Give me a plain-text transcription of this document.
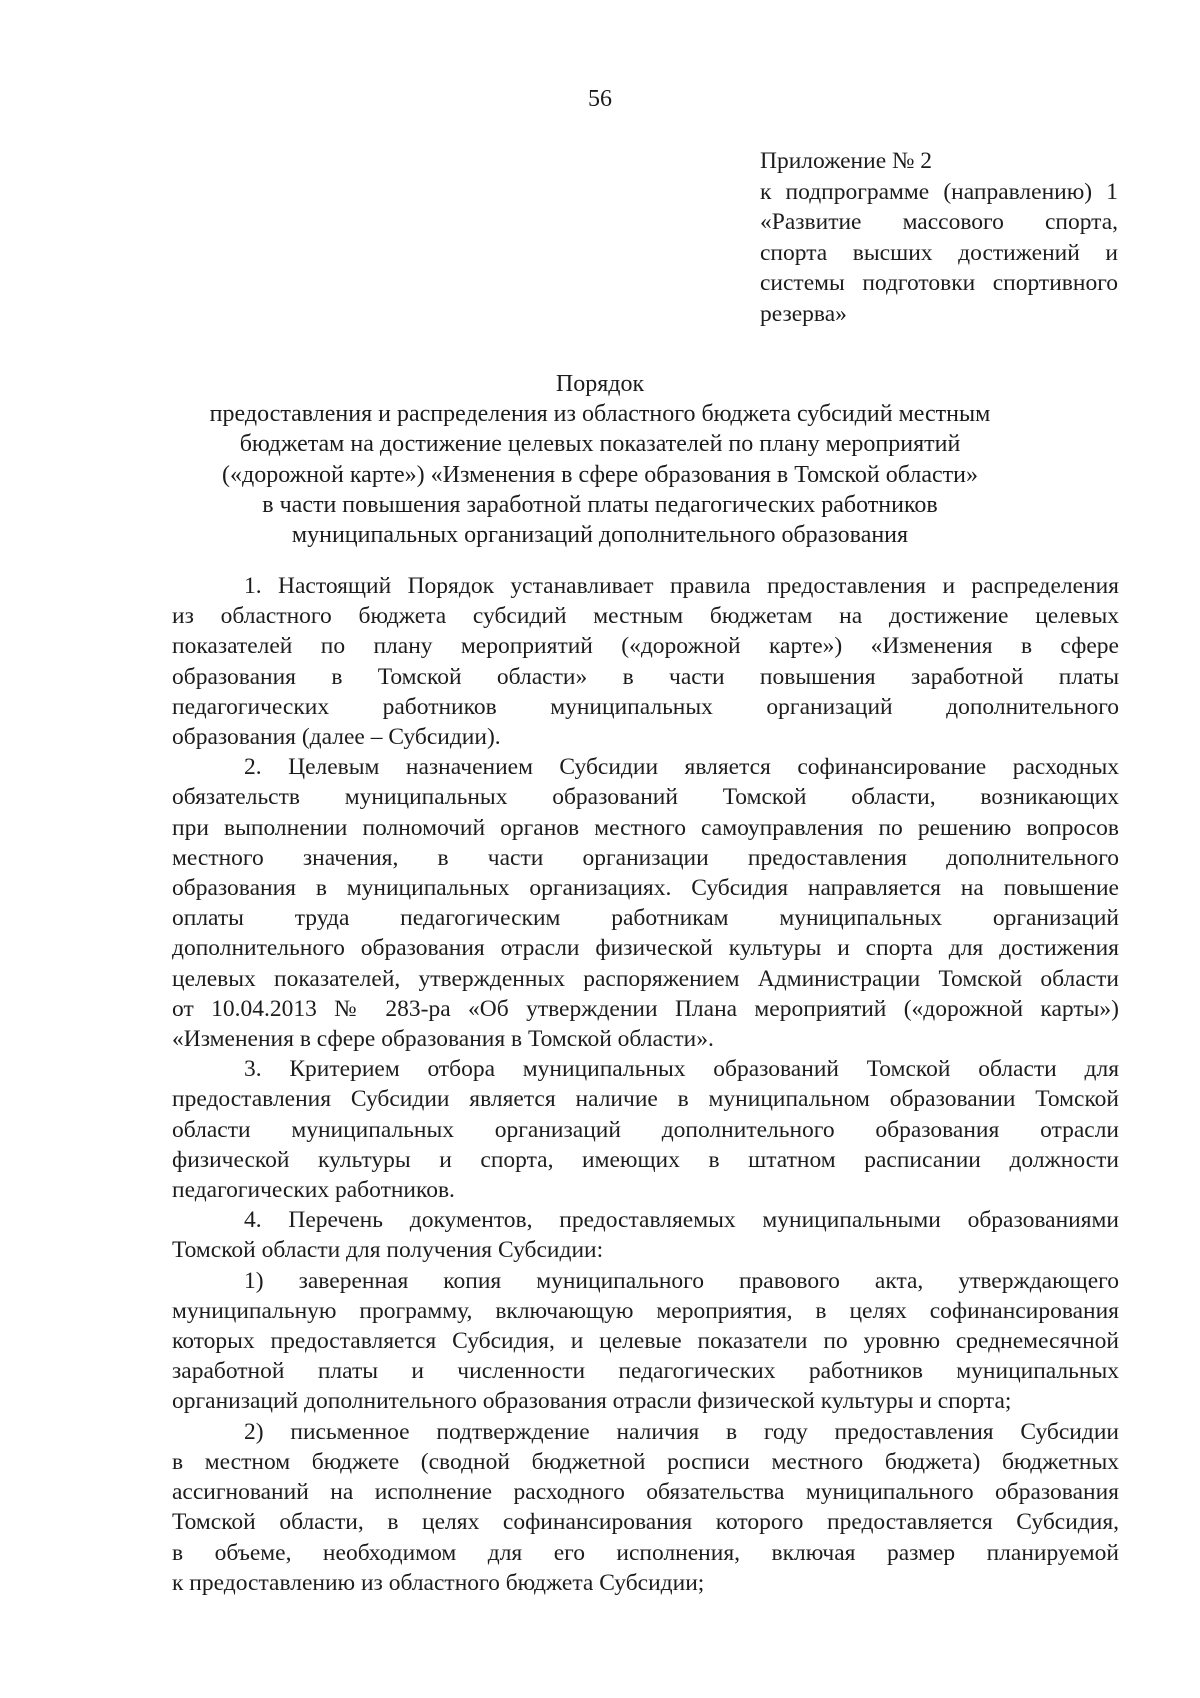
56
Приложение № 2
к подпрограмме (направлению) 1
«Развитие массового спорта,
спорта высших достижений и
системы подготовки спортивного
резерва»
Порядок
предоставления и распределения из областного бюджета субсидий местным
бюджетам на достижение целевых показателей по плану мероприятий
(«дорожной карте») «Изменения в сфере образования в Томской области»
в части повышения заработной платы педагогических работников
муниципальных организаций дополнительного образования
1. Настоящий Порядок устанавливает правила предоставления и распределения
из областного бюджета субсидий местным бюджетам на достижение целевых
показателей по плану мероприятий («дорожной карте») «Изменения в сфере
образования в Томской области» в части повышения заработной платы
педагогических работников муниципальных организаций дополнительного
образования (далее – Субсидии).
2. Целевым назначением Субсидии является софинансирование расходных
обязательств муниципальных образований Томской области, возникающих
при выполнении полномочий органов местного самоуправления по решению вопросов
местного значения, в части организации предоставления дополнительного
образования в муниципальных организациях. Субсидия направляется на повышение
оплаты труда педагогическим работникам муниципальных организаций
дополнительного образования отрасли физической культуры и спорта для достижения
целевых показателей, утвержденных распоряжением Администрации Томской области
от 10.04.2013 № 283-ра «Об утверждении Плана мероприятий («дорожной карты»)
«Изменения в сфере образования в Томской области».
3. Критерием отбора муниципальных образований Томской области для
предоставления Субсидии является наличие в муниципальном образовании Томской
области муниципальных организаций дополнительного образования отрасли
физической культуры и спорта, имеющих в штатном расписании должности
педагогических работников.
4. Перечень документов, предоставляемых муниципальными образованиями
Томской области для получения Субсидии:
1) заверенная копия муниципального правового акта, утверждающего
муниципальную программу, включающую мероприятия, в целях софинансирования
которых предоставляется Субсидия, и целевые показатели по уровню среднемесячной
заработной платы и численности педагогических работников муниципальных
организаций дополнительного образования отрасли физической культуры и спорта;
2) письменное подтверждение наличия в году предоставления Субсидии
в местном бюджете (сводной бюджетной росписи местного бюджета) бюджетных
ассигнований на исполнение расходного обязательства муниципального образования
Томской области, в целях софинансирования которого предоставляется Субсидия,
в объеме, необходимом для его исполнения, включая размер планируемой
к предоставлению из областного бюджета Субсидии;
